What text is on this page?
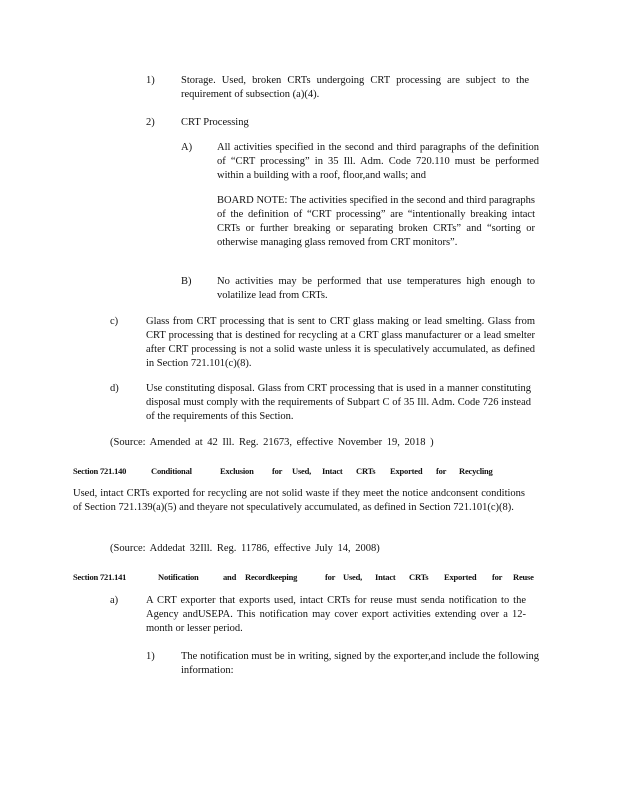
1)	Storage. Used, broken CRTs undergoing CRT processing are subject to the requirement of subsection (a)(4).

2)	CRT Processing

A) All activities specified in the second and third paragraphs of the definition of “CRT processing” in 35 Ill. Adm. Code 720.110 must be performed within a building with a roof, floor,and walls; and

BOARD NOTE: The activities specified in the second and third paragraphs of the definition of “CRT processing” are “intentionally breaking intact CRTs or further breaking or separating broken CRTs” and “sorting or otherwise managing glass removed from CRT monitors”.

B) No activities may be performed that use temperatures high enough to volatilize lead from CRTs.

c)	Glass from CRT processing that is sent to CRT glass making or lead smelting. Glass from CRT processing that is destined for recycling at a CRT glass manufacturer or a lead smelter after CRT processing is not a solid waste unless it is speculatively accumulated, as defined in Section 721.101(c)(8).

d)	Use constituting disposal. Glass from CRT processing that is used in a manner constituting disposal must comply with the requirements of Subpart C of 35 Ill. Adm. Code 726 instead of the requirements of this Section.

(Source: Amended at 42 Ill. Reg. 21673, effective November 19, 2018 )

Section 721.140	Conditional	Exclusion for Used, Intact CRTs Exported for Recycling

Used, intact CRTs exported for recycling are not solid waste if they meet the notice andconsent conditions of Section 721.139(a)(5) and theyare not speculatively accumulated, as defined in Section 721.101(c)(8).

(Source: Addedat 32Ill. Reg. 11786, effective July 14, 2008)

Section 721.141	Notification	and Recordkeeping	for Used, Intact CRTs Exported for Reuse
a)	A CRT exporter that exports used, intact CRTs for reuse must senda notification to the Agency andUSEPA. This notification may cover export activities extending over a 12-month or lesser period.

1)	The notification must be in writing, signed by the exporter,and include the following information:
